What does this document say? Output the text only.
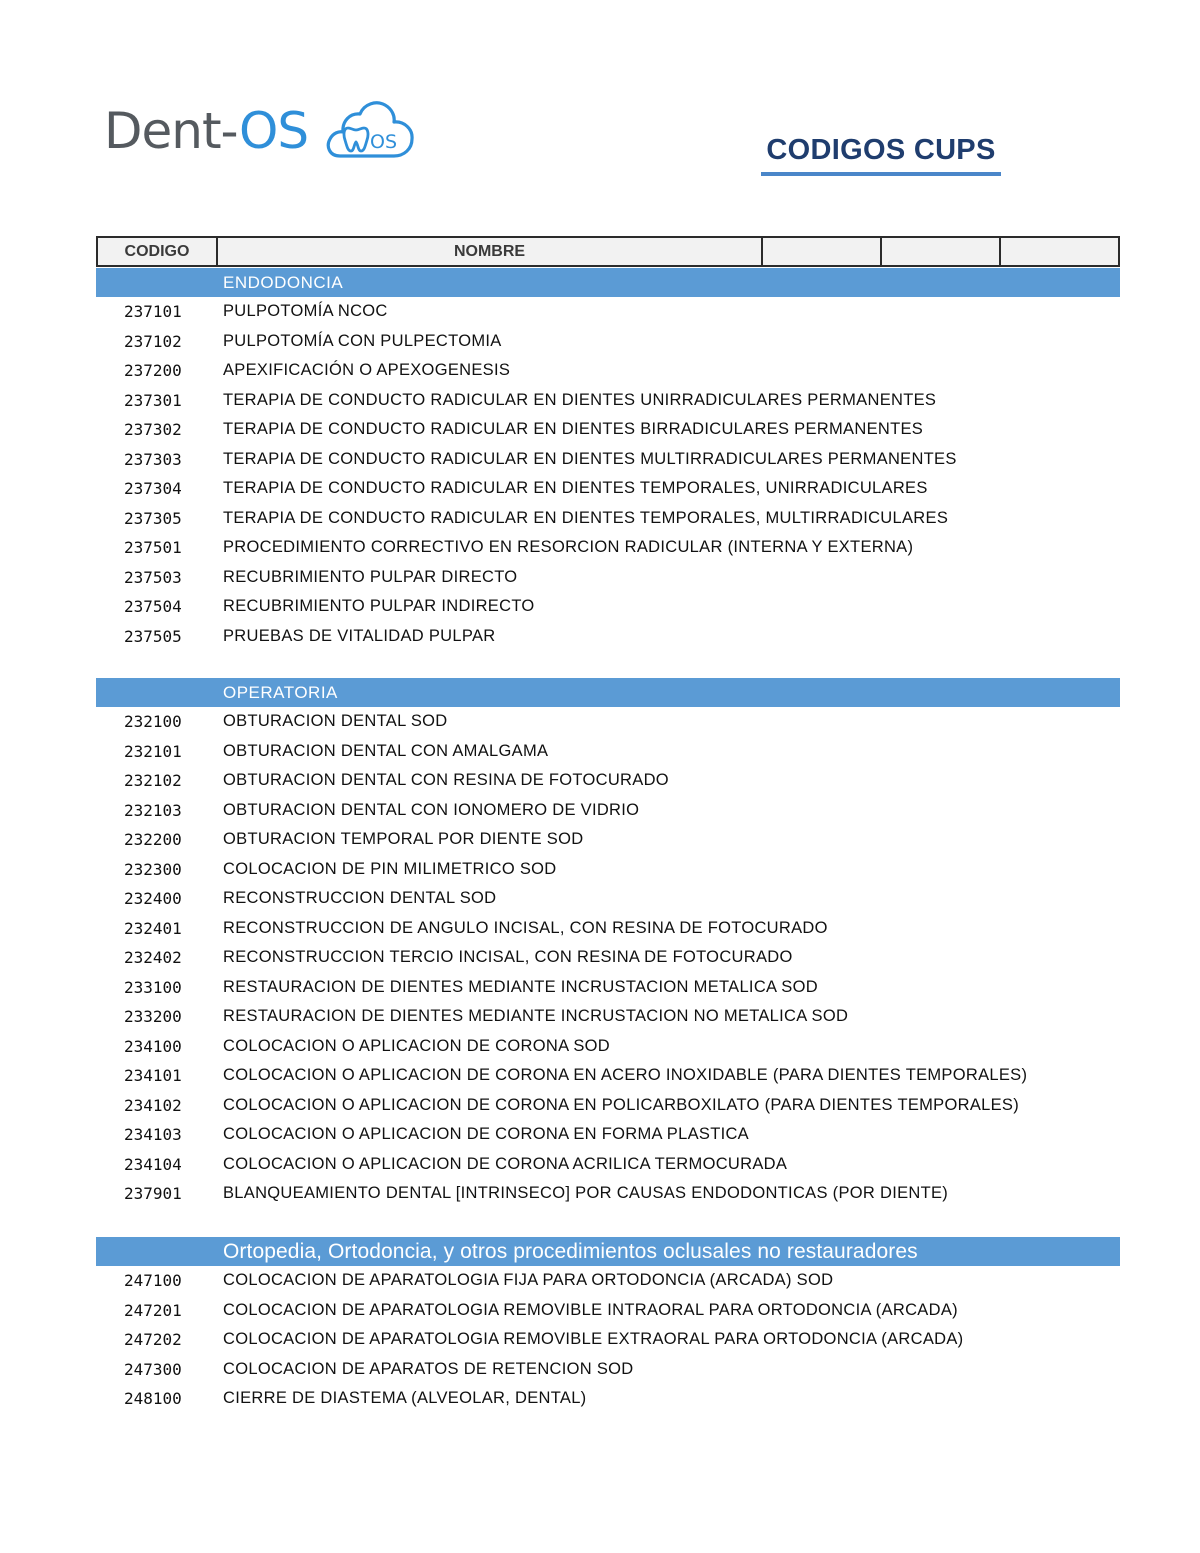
Dent-OS	OS	CODIGOS CUPS
CODIGO	NOMBRE
ENDODONCIA
237101	PULPOTOMÍA NCOC
237102	PULPOTOMÍA CON PULPECTOMIA
237200	APEXIFICACIÓN O APEXOGENESIS
237301	TERAPIA DE CONDUCTO RADICULAR EN DIENTES UNIRRADICULARES PERMANENTES
237302	TERAPIA DE CONDUCTO RADICULAR EN DIENTES BIRRADICULARES PERMANENTES
237303	TERAPIA DE CONDUCTO RADICULAR EN DIENTES MULTIRRADICULARES PERMANENTES
237304	TERAPIA DE CONDUCTO RADICULAR EN DIENTES TEMPORALES, UNIRRADICULARES
237305	TERAPIA DE CONDUCTO RADICULAR EN DIENTES TEMPORALES, MULTIRRADICULARES
237501	PROCEDIMIENTO CORRECTIVO EN RESORCION RADICULAR (INTERNA Y EXTERNA)
237503	RECUBRIMIENTO PULPAR DIRECTO
237504	RECUBRIMIENTO PULPAR INDIRECTO
237505	PRUEBAS DE VITALIDAD PULPAR
OPERATORIA
232100	OBTURACION DENTAL SOD
232101	OBTURACION DENTAL CON AMALGAMA
232102	OBTURACION DENTAL CON RESINA DE FOTOCURADO
232103	OBTURACION DENTAL CON IONOMERO DE VIDRIO
232200	OBTURACION TEMPORAL POR DIENTE SOD
232300	COLOCACION DE PIN MILIMETRICO SOD
232400	RECONSTRUCCION DENTAL SOD
232401	RECONSTRUCCION DE ANGULO INCISAL, CON RESINA DE FOTOCURADO
232402	RECONSTRUCCION TERCIO INCISAL, CON RESINA DE FOTOCURADO
233100	RESTAURACION DE DIENTES MEDIANTE INCRUSTACION METALICA SOD
233200	RESTAURACION DE DIENTES MEDIANTE INCRUSTACION NO METALICA SOD
234100	COLOCACION O APLICACION DE CORONA SOD
234101	COLOCACION O APLICACION DE CORONA EN ACERO INOXIDABLE (PARA DIENTES TEMPORALES)
234102	COLOCACION O APLICACION DE CORONA EN POLICARBOXILATO (PARA DIENTES TEMPORALES)
234103	COLOCACION O APLICACION DE CORONA EN FORMA PLASTICA
234104	COLOCACION O APLICACION DE CORONA ACRILICA TERMOCURADA
237901	BLANQUEAMIENTO DENTAL [INTRINSECO] POR CAUSAS ENDODONTICAS (POR DIENTE)
Ortopedia, Ortodoncia, y otros procedimientos oclusales no restauradores
247100	COLOCACION DE APARATOLOGIA FIJA PARA ORTODONCIA (ARCADA) SOD
247201	COLOCACION DE APARATOLOGIA REMOVIBLE INTRAORAL PARA ORTODONCIA (ARCADA)
247202	COLOCACION DE APARATOLOGIA REMOVIBLE EXTRAORAL PARA ORTODONCIA (ARCADA)
247300	COLOCACION DE APARATOS DE RETENCION SOD
248100	CIERRE DE DIASTEMA (ALVEOLAR, DENTAL)
